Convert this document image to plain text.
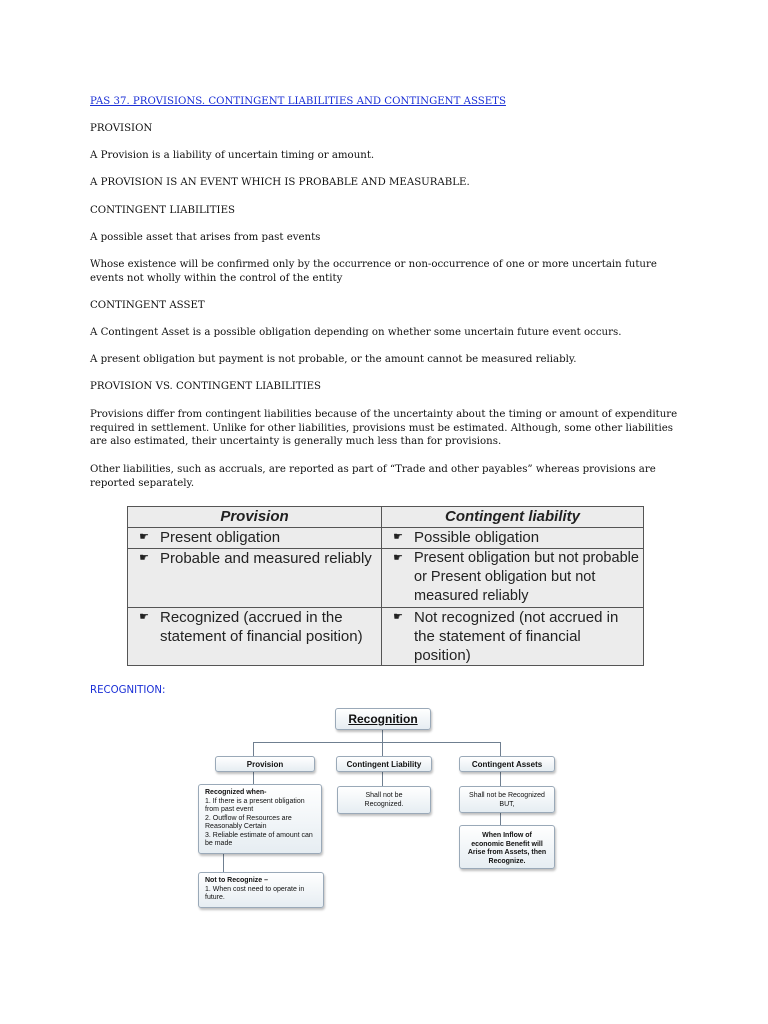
PAS 37. PROVISIONS. CONTINGENT LIABILITIES AND CONTINGENT ASSETS

PROVISION

A Provision is a liability of uncertain timing or amount.

A PROVISION IS AN EVENT WHICH IS PROBABLE AND MEASURABLE.

CONTINGENT LIABILITIES

A possible asset that arises from past events

Whose existence will be confirmed only by the occurrence or non-occurrence of one or more uncertain future events not wholly within the control of the entity

CONTINGENT ASSET

A Contingent Asset is a possible obligation depending on whether some uncertain future event occurs.

A present obligation but payment is not probable, or the amount cannot be measured reliably.

PROVISION VS. CONTINGENT LIABILITIES

Provisions differ from contingent liabilities because of the uncertainty about the timing or amount of expenditure required in settlement. Unlike for other liabilities, provisions must be estimated. Although, some other liabilities are also estimated, their uncertainty is generally much less than for provisions.

Other liabilities, such as accruals, are reported as part of “Trade and other payables” whereas provisions are reported separately.

RECOGNITION:

Provision	Contingent liability

☛ Present obligation	☛ Possible obligation

☛ Probable and measured reliably	☛ Present obligation but not probable or Present obligation but not measured reliably

☛ Recognized (accrued in the statement of financial position)	☛ Not recognized (not accrued in the statement of financial position)
Recognition
Provision	Contingent Liability	Contingent Assets
Recognized when-
1. If there is a present obligation from past event
2. Outflow of Resources are Reasonably Certain
3. Reliable estimate of amount can be made
Not to Recognize –
1. When cost need to operate in future.
Shall not be Recognized.
Shall not be Recognized BUT,
When Inflow of economic Benefit will Arise from Assets, then Recognize.
